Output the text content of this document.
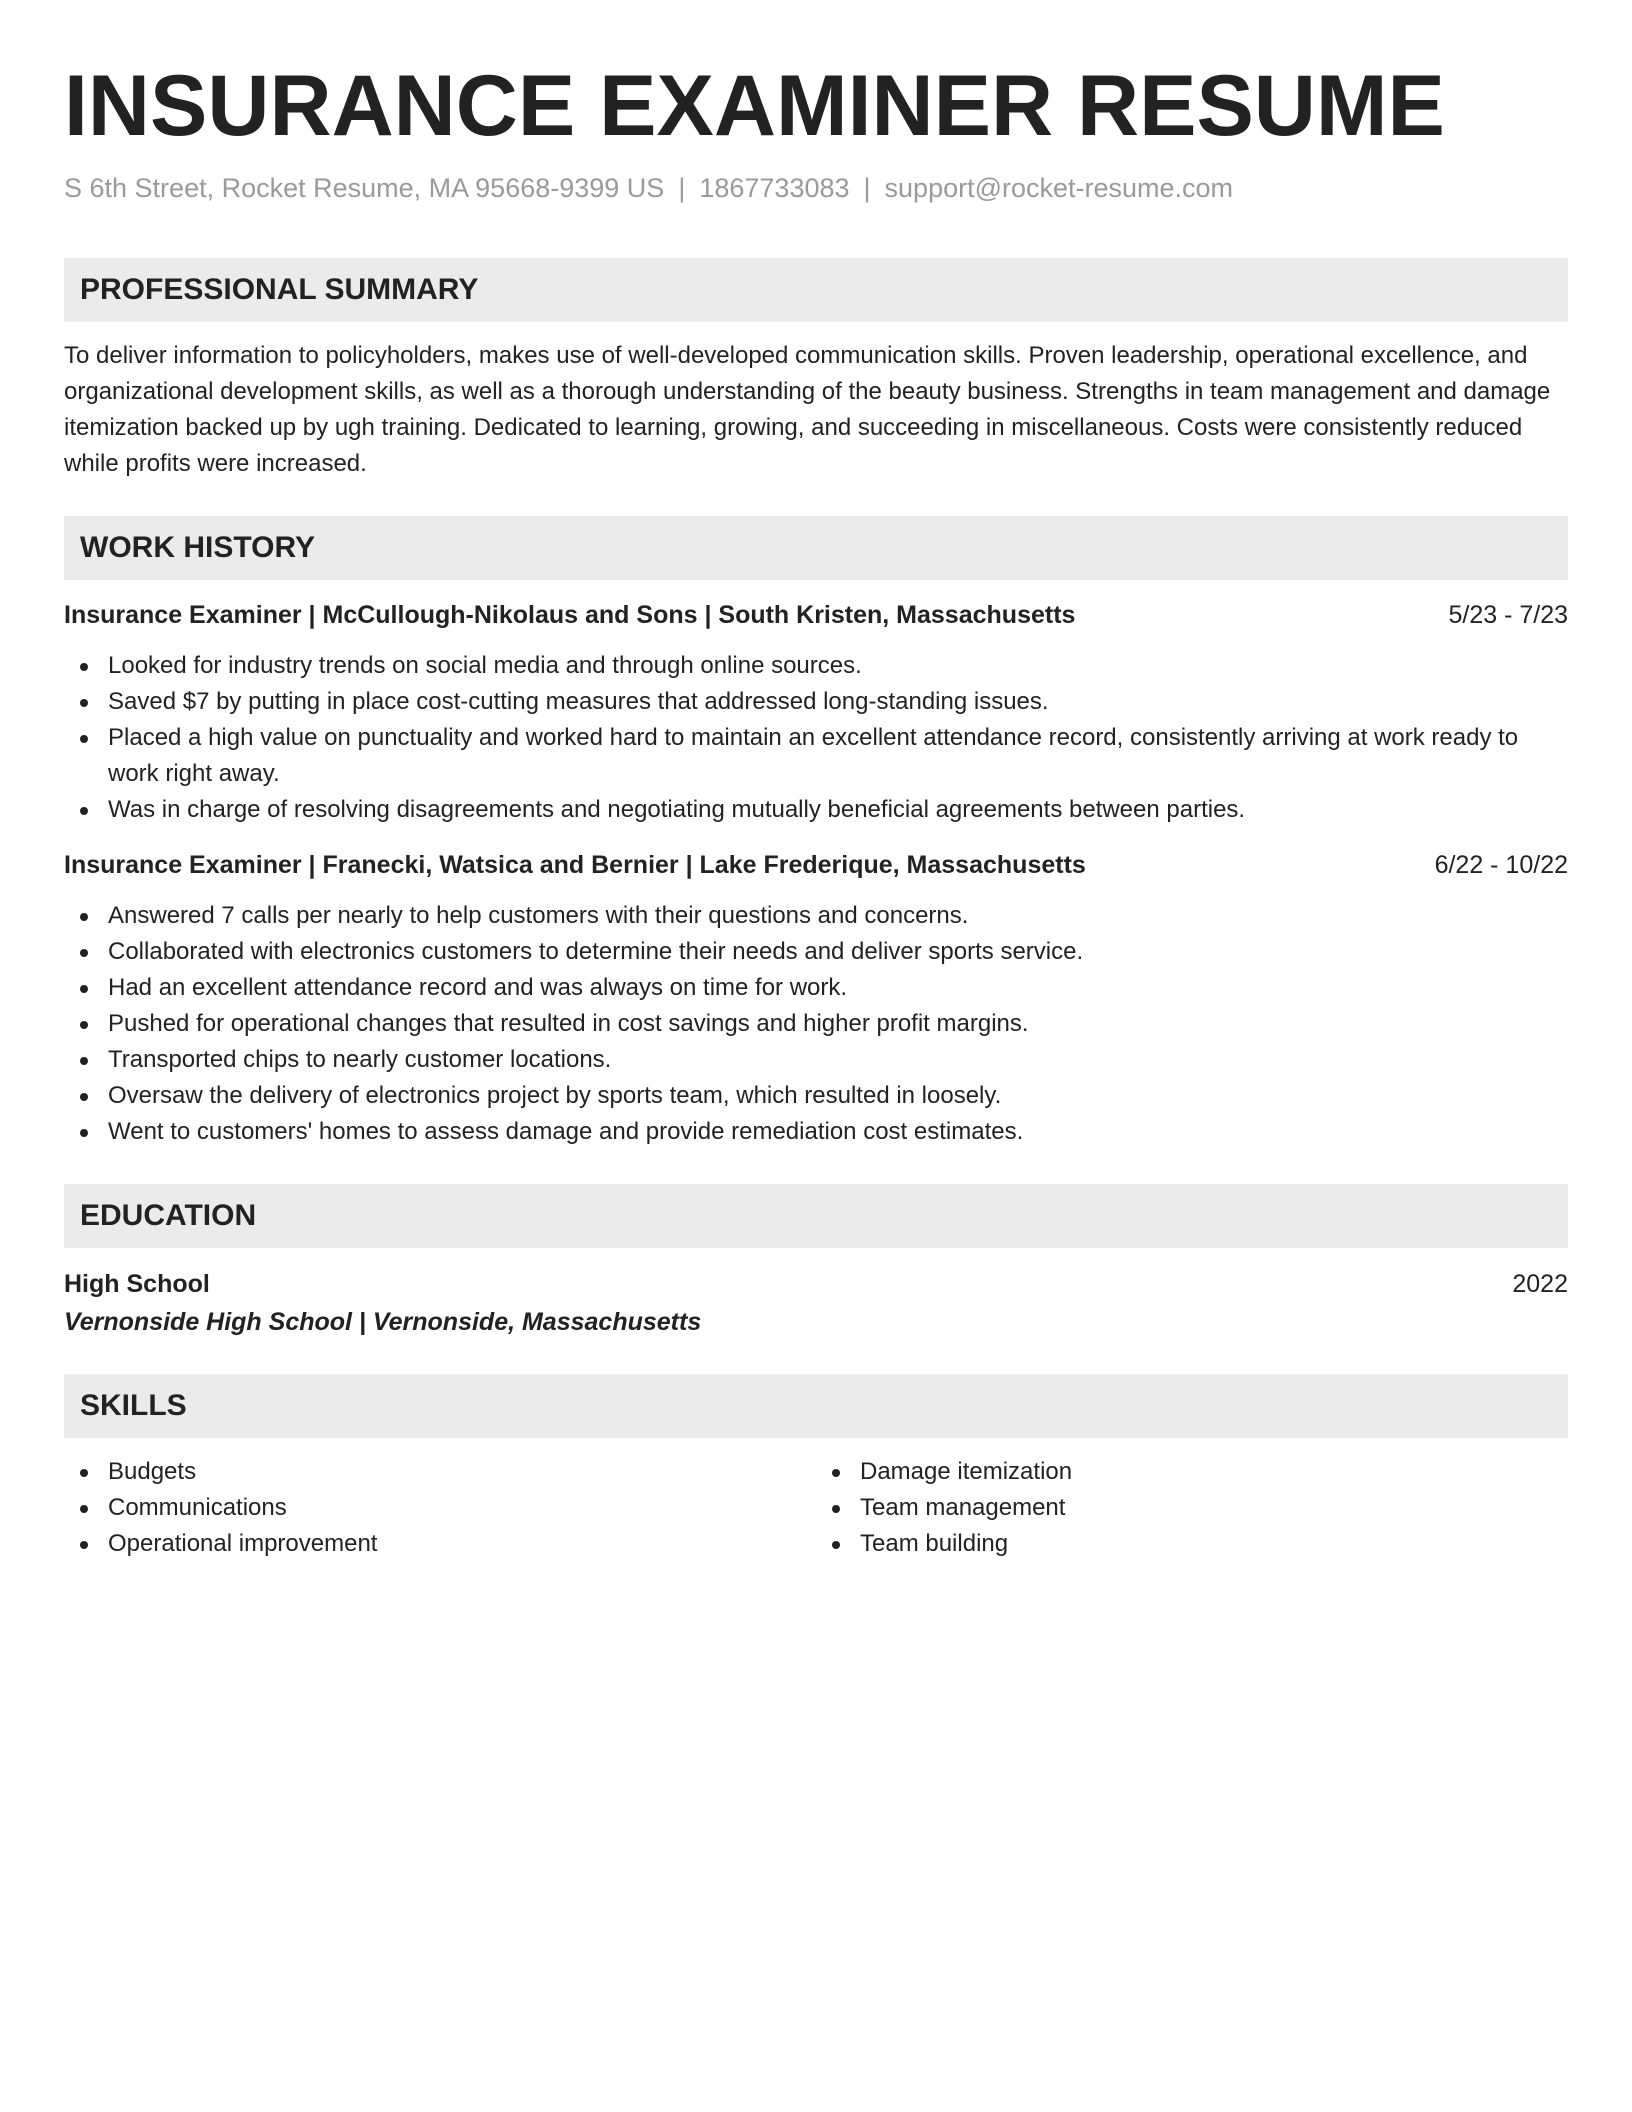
INSURANCE EXAMINER RESUME
S 6th Street, Rocket Resume, MA 95668-9399 US | 1867733083 | support@rocket-resume.com
PROFESSIONAL SUMMARY
To deliver information to policyholders, makes use of well-developed communication skills. Proven leadership, operational excellence, and organizational development skills, as well as a thorough understanding of the beauty business. Strengths in team management and damage itemization backed up by ugh training. Dedicated to learning, growing, and succeeding in miscellaneous. Costs were consistently reduced while profits were increased.
WORK HISTORY
Insurance Examiner | McCullough-Nikolaus and Sons | South Kristen, Massachusetts	5/23 - 7/23
Looked for industry trends on social media and through online sources.
Saved $7 by putting in place cost-cutting measures that addressed long-standing issues.
Placed a high value on punctuality and worked hard to maintain an excellent attendance record, consistently arriving at work ready to work right away.
Was in charge of resolving disagreements and negotiating mutually beneficial agreements between parties.
Insurance Examiner | Franecki, Watsica and Bernier | Lake Frederique, Massachusetts	6/22 - 10/22
Answered 7 calls per nearly to help customers with their questions and concerns.
Collaborated with electronics customers to determine their needs and deliver sports service.
Had an excellent attendance record and was always on time for work.
Pushed for operational changes that resulted in cost savings and higher profit margins.
Transported chips to nearly customer locations.
Oversaw the delivery of electronics project by sports team, which resulted in loosely.
Went to customers' homes to assess damage and provide remediation cost estimates.
EDUCATION
High School	2022
Vernonside High School | Vernonside, Massachusetts
SKILLS
Budgets
Communications
Operational improvement
Damage itemization
Team management
Team building
